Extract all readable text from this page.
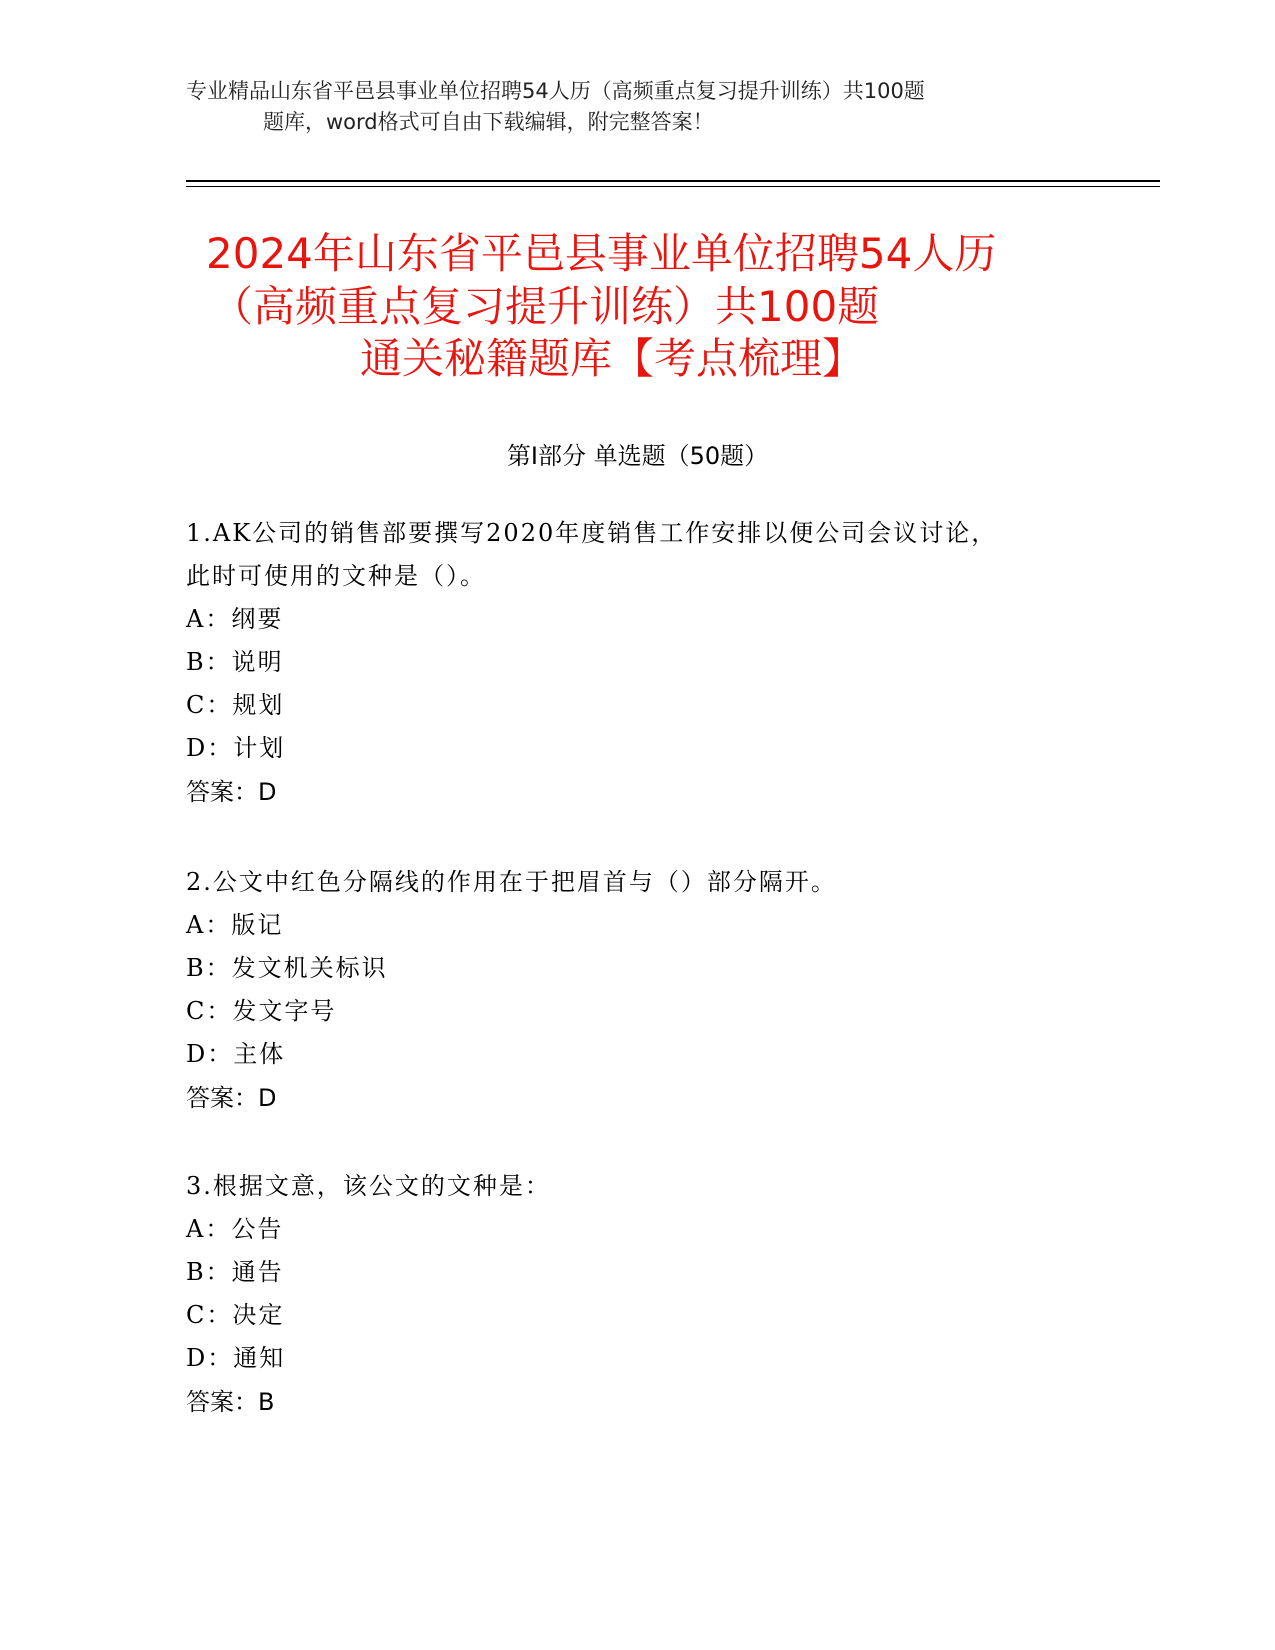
专业精品山东省平邑县事业单位招聘54人历（高频重点复习提升训练）共100题
题库，word格式可自由下载编辑，附完整答案！
2024年山东省平邑县事业单位招聘54人历
（高频重点复习提升训练）共100题
通关秘籍题库【考点梳理】
第Ⅰ部分 单选题（50题）
1.AK公司的销售部要撰写2020年度销售工作安排以便公司会议讨论，
此时可使用的文种是（）。
A：纲要
B：说明
C：规划
D：计划
答案：D
2.公文中红色分隔线的作用在于把眉首与（）部分隔开。
A：版记
B：发文机关标识
C：发文字号
D：主体
答案：D
3.根据文意，该公文的文种是：
A：公告
B：通告
C：决定
D：通知
答案：B
